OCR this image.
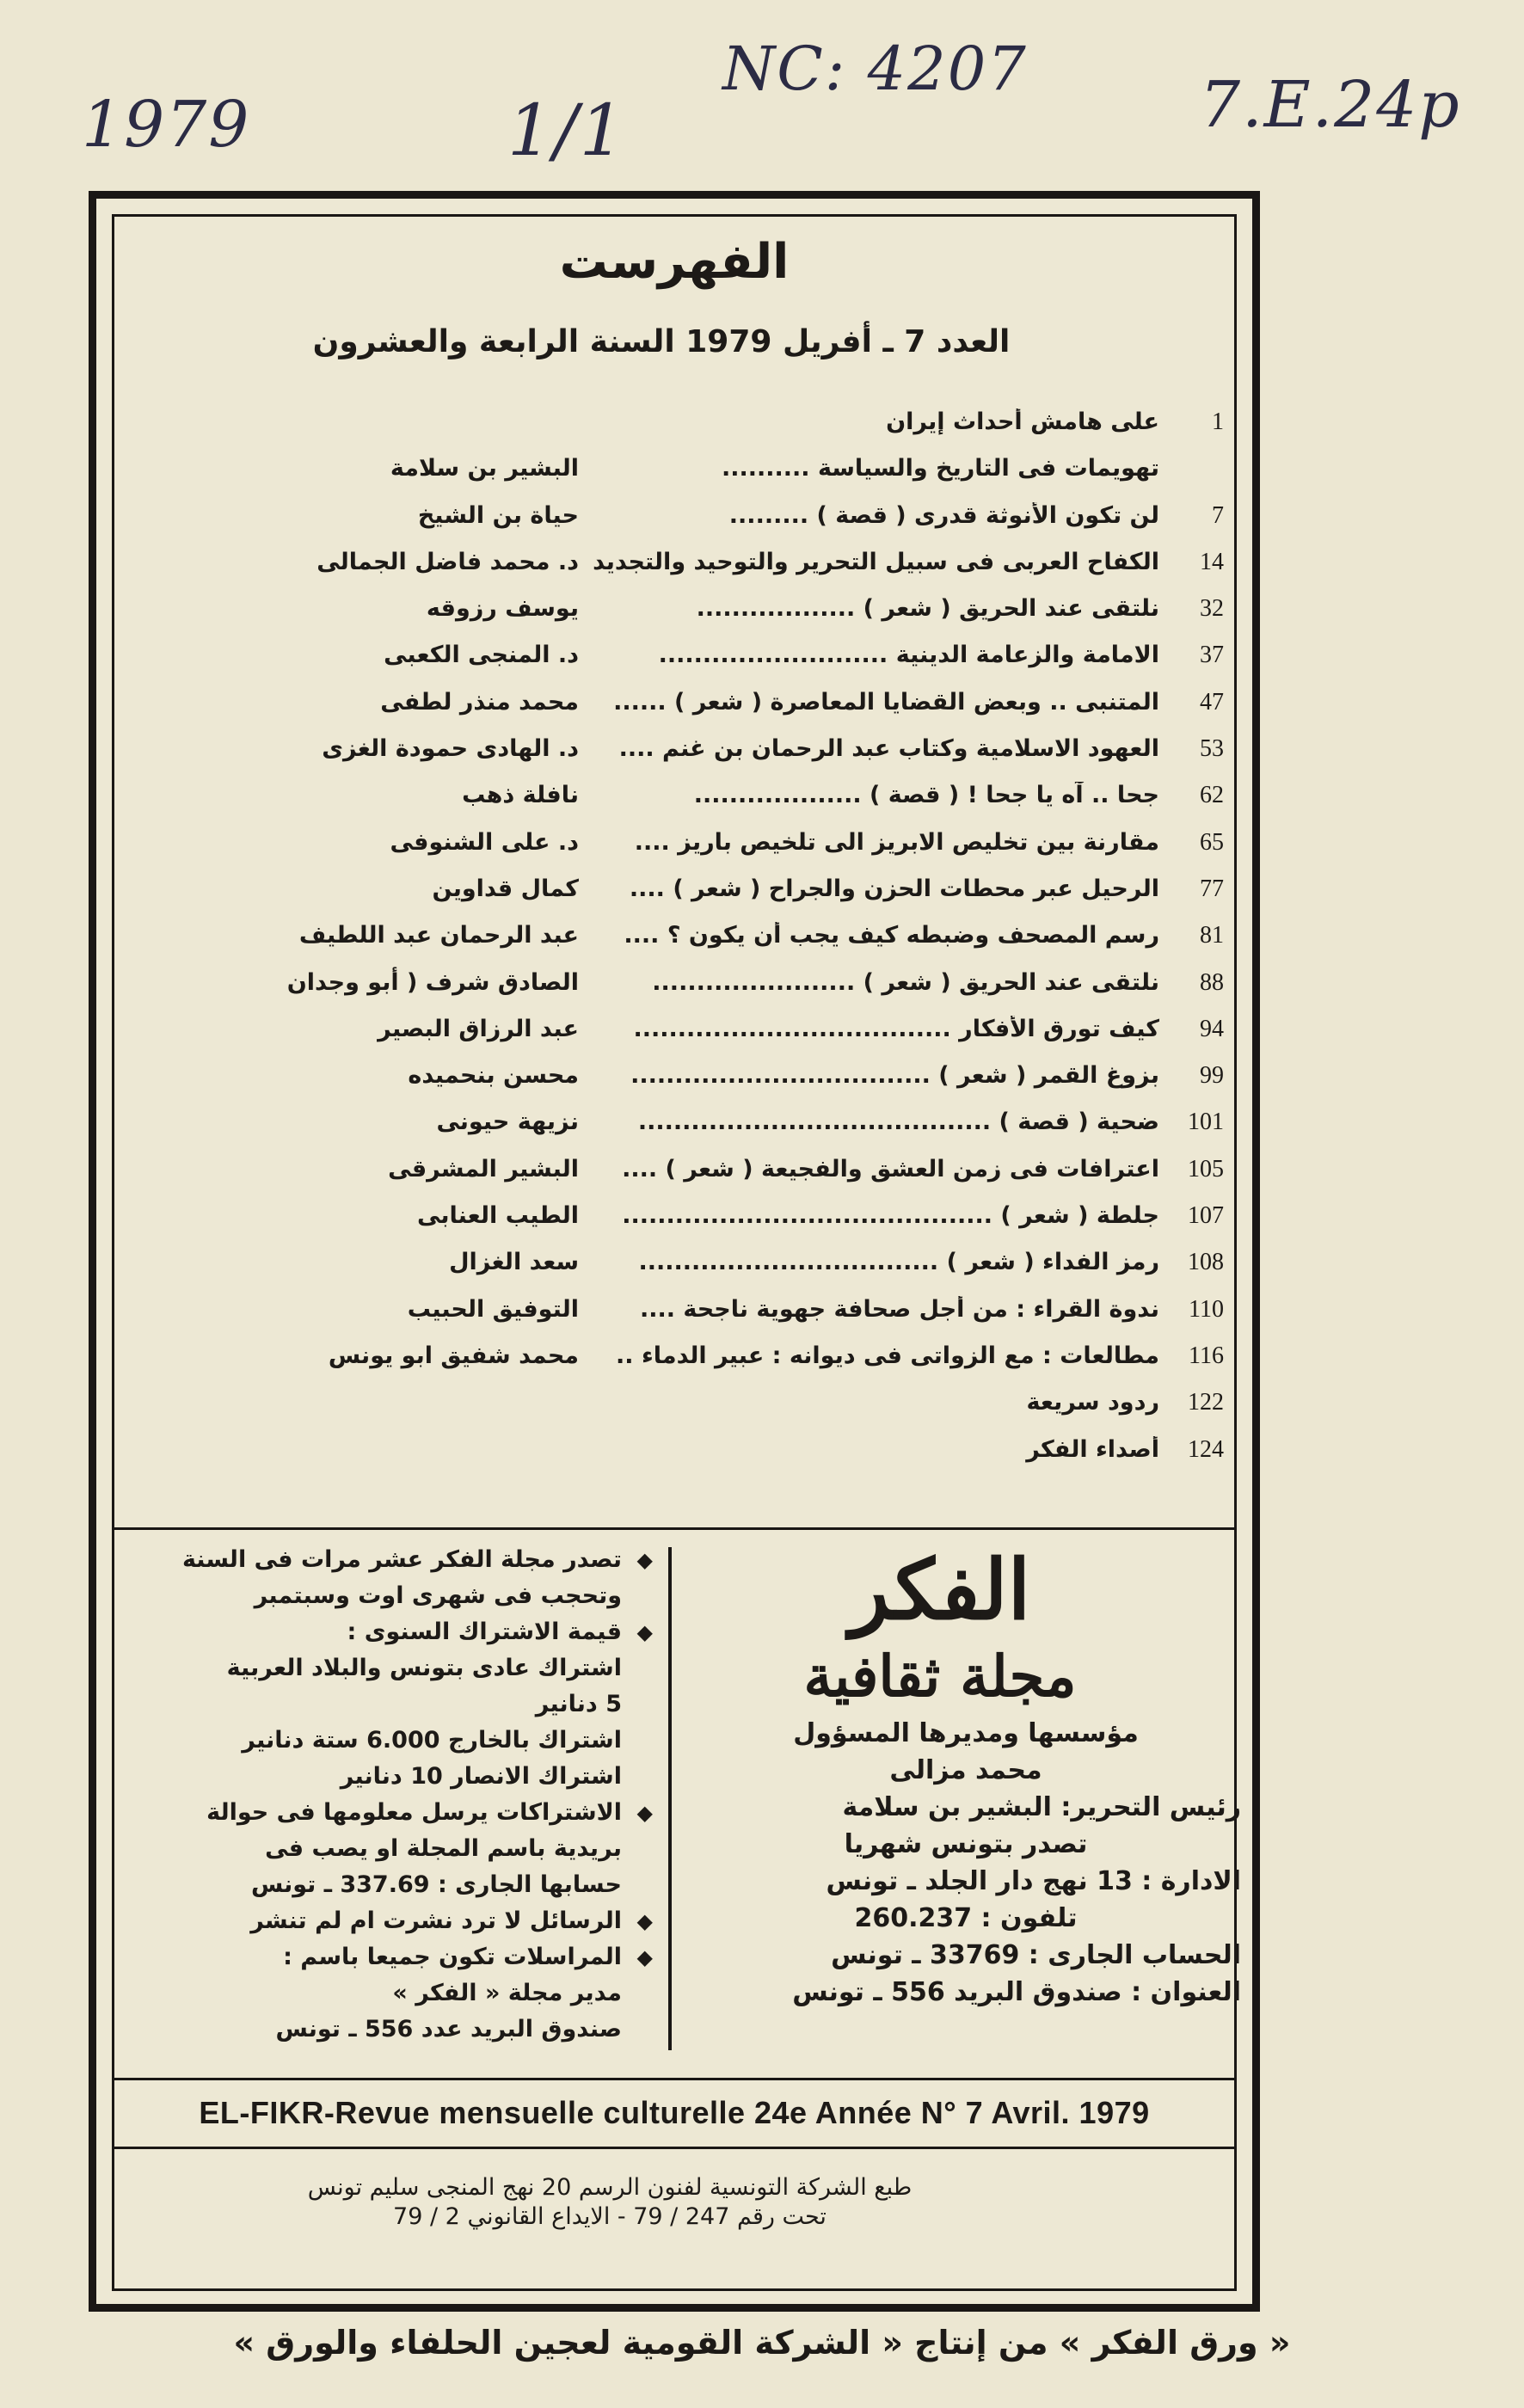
1979	1/1
NC: 4207	7.E.24p
الفهرست
العدد 7 ـ أفريل 1979 السنة الرابعة والعشرون
1
على هامش أحداث إيران
تهويمات فى التاريخ والسياسة ..........
البشير بن سلامة
7
لن تكون الأنوثة قدرى ( قصة ) .........
حياة بن الشيخ
14
الكفاح العربى فى سبيل التحرير والتوحيد والتجديد
د. محمد فاضل الجمالى
32
نلتقى عند الحريق ( شعر ) ..................
يوسف رزوقه
37
الامامة والزعامة الدينية ..........................
د. المنجى الكعبى
47
المتنبى .. وبعض القضايا المعاصرة ( شعر ) ......
محمد منذر لطفى
53
العهود الاسلامية وكتاب عبد الرحمان بن غنم ....
د. الهادى حمودة الغزى
62
جحا .. آه يا جحا ! ( قصة ) ...................
نافلة ذهب
65
مقارنة بين تخليص الابريز الى تلخيص باريز ....
د. على الشنوفى
77
الرحيل عبر محطات الحزن والجراح ( شعر ) ....
كمال قداوين
81
رسم المصحف وضبطه كيف يجب أن يكون ؟ ....
عبد الرحمان عبد اللطيف
88
نلتقى عند الحريق ( شعر ) .......................
الصادق شرف ( أبو وجدان
94
كيف تورق الأفكار ....................................
عبد الرزاق البصير
99
بزوغ القمر ( شعر ) ..................................
محسن بنحميده
101
ضحية ( قصة ) ........................................
نزيهة حيونى
105
اعترافات فى زمن العشق والفجيعة ( شعر ) ....
البشير المشرقى
107
جلطة ( شعر ) ..........................................
الطيب العنابى
108
رمز الفداء ( شعر ) ..................................
سعد الغزال
110
ندوة القراء : من أجل صحافة جهوية ناجحة ....
التوفيق الحبيب
116
مطالعات : مع الزواتى فى ديوانه : عبير الدماء ..
محمد شفيق ابو يونس
122
ردود سريعة
124
أصداء الفكر
◆
تصدر مجلة الفكر عشر مرات فى السنة
وتحجب فى شهرى اوت وسبتمبر
◆
قيمة الاشتراك السنوى :
اشتراك عادى بتونس والبلاد العربية
5 دنانير
اشتراك بالخارج 6.000 ستة دنانير
اشتراك الانصار 10 دنانير
◆
الاشتراكات يرسل معلومها فى حوالة
بريدية باسم المجلة او يصب فى
حسابها الجارى : 337.69 ـ تونس
◆
الرسائل لا ترد نشرت ام لم تنشر
◆
المراسلات تكون جميعا باسم :
مدير مجلة « الفكر »
صندوق البريد عدد 556 ـ تونس
الفكر
مجلة ثقافية
مؤسسها ومديرها المسؤول
محمد مزالى
رئيس التحرير: البشير بن سلامة
تصدر بتونس شهريا
الادارة : 13 نهج دار الجلد ـ تونس
تلفون : 260.237
الحساب الجارى : 33769 ـ تونس
العنوان : صندوق البريد 556 ـ تونس
EL-FIKR-Revue mensuelle culturelle 24e Année N° 7 Avril. 1979
طبع الشركة التونسية لفنون الرسم 20 نهج المنجى سليم تونس
تحت رقم 247 / 79 - الايداع القانوني 2 / 79
« ورق الفكر » من إنتاج « الشركة القومية لعجين الحلفاء والورق »
